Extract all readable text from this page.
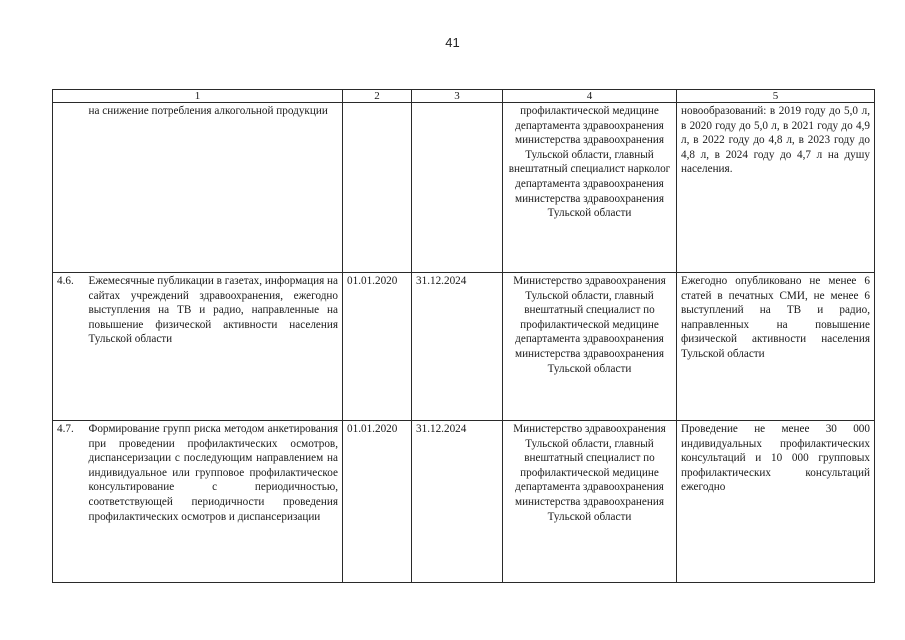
41
1		2	3	4	5
	на снижение потребления алкогольной продукции			профилактической медицине департамента здравоохранения министерства здравоохранения Тульской области, главный внештатный специалист нарколог департамента здравоохранения министерства здравоохранения Тульской области	новообразований: в 2019 году до 5,0 л, в 2020 году до 5,0 л, в 2021 году до 4,9 л, в 2022 году до 4,8 л, в 2023 году до 4,8 л, в 2024 году до 4,7 л на душу населения.
4.6.	Ежемесячные публикации в газетах, информация на сайтах учреждений здравоохранения, ежегодно выступления на ТВ и радио, направленные на повышение физической активности населения Тульской области	01.01.2020	31.12.2024	Министерство здравоохранения Тульской области, главный внештатный специалист по профилактической медицине департамента здравоохранения министерства здравоохранения Тульской области	Ежегодно опубликовано не менее 6 статей в печатных СМИ, не менее 6 выступлений на ТВ и радио, направленных на повышение физической активности населения Тульской области
4.7.	Формирование групп риска методом анкетирования при проведении профилактических осмотров, диспансеризации с последующим направлением на индивидуальное или групповое профилактическое консультирование с периодичностью, соответствующей периодичности проведения профилактических осмотров и диспансеризации	01.01.2020	31.12.2024	Министерство здравоохранения Тульской области, главный внештатный специалист по профилактической медицине департамента здравоохранения министерства здравоохранения Тульской области	Проведение не менее 30 000 индивидуальных профилактических консультаций и 10 000 групповых профилактических консультаций ежегодно
